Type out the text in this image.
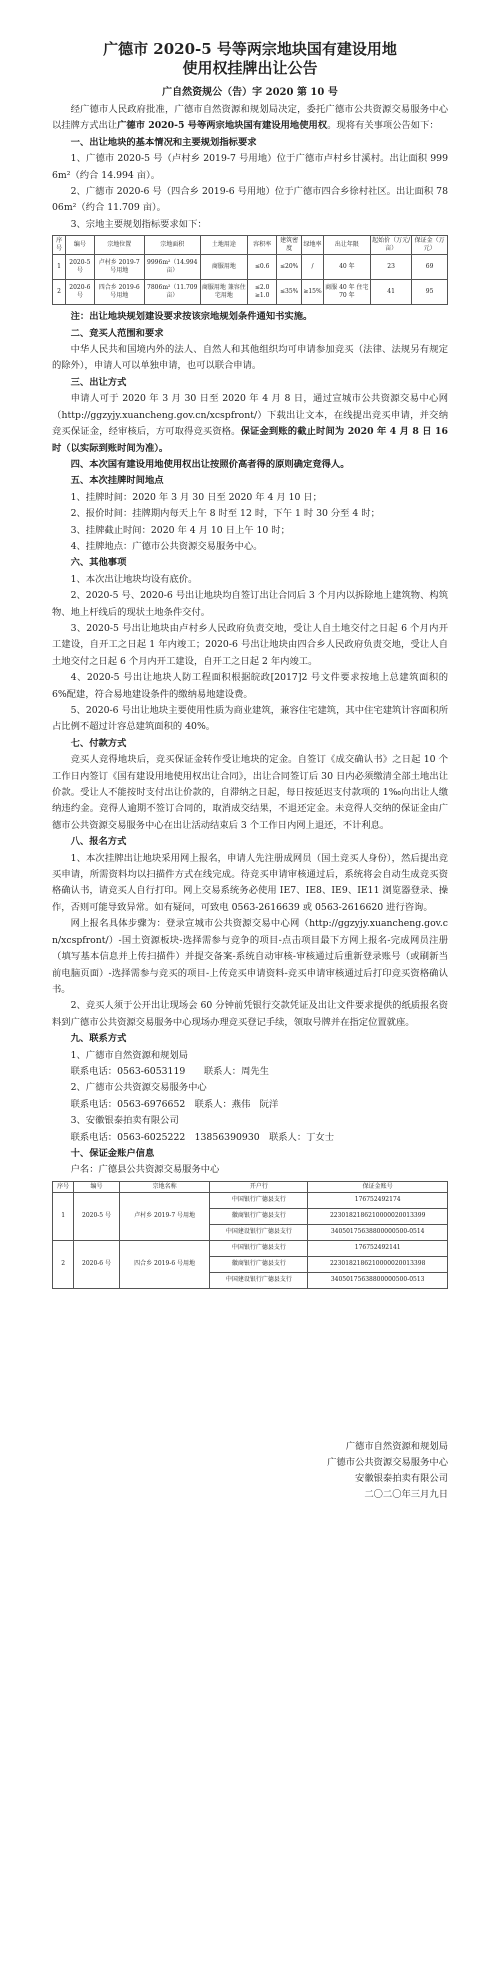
广德市 2020-5 号等两宗地块国有建设用地
使用权挂牌出让公告
广自然资规公（告）字 2020 第 10 号

经广德市人民政府批准，广德市自然资源和规划局决定，委托广德市公共资源交易服务中心以挂牌方式出让广德市 2020-5 号等两宗地块国有建设用地使用权。现将有关事项公告如下：

一、出让地块的基本情况和主要规划指标要求

1、广德市 2020-5 号（卢村乡 2019-7 号用地）位于广德市卢村乡甘溪村。出让面积 9996m²（约合 14.994 亩）。

2、广德市 2020-6 号（四合乡 2019-6 号用地）位于广德市四合乡徐村社区。出让面积 7806m²（约合 11.709 亩）。

3、宗地主要规划指标要求如下：

序号	编号	宗地位置	宗地面积	土地用途	容积率	建筑密度	绿地率	出让年限	起始价（万元/亩）	保证金（万元）
1	2020-5 号	卢村乡 2019-7 号用地	9996m²（14.994 亩）	商服用地	≤0.6	≤20%	/	40 年	23	69
2	2020-6 号	四合乡 2019-6 号用地	7806m²（11.709 亩）	商服用地 兼容住宅用地	≤2.0 ≥1.0	≤35%	≥15%	商服 40 年 住宅 70 年	41	95

注：出让地块规划建设要求按该宗地规划条件通知书实施。

二、竞买人范围和要求

中华人民共和国境内外的法人、自然人和其他组织均可申请参加竞买（法律、法规另有规定的除外），申请人可以单独申请，也可以联合申请。

三、出让方式

申请人可于 2020 年 3 月 30 日至 2020 年 4 月 8 日，通过宣城市公共资源交易中心网（http://ggzyjy.xuancheng.gov.cn/xcspfront/）下载出让文本，在线提出竞买申请，并交纳竞买保证金，经审核后，方可取得竞买资格。保证金到账的截止时间为 2020 年 4 月 8 日 16 时（以实际到账时间为准）。

四、本次国有建设用地使用权出让按照价高者得的原则确定竞得人。

五、本次挂牌时间地点

1、挂牌时间：2020 年 3 月 30 日至 2020 年 4 月 10 日；

2、报价时间：挂牌期内每天上午 8 时至 12 时，下午 1 时 30 分至 4 时；

3、挂牌截止时间：2020 年 4 月 10 日上午 10 时；

4、挂牌地点：广德市公共资源交易服务中心。

六、其他事项

1、本次出让地块均设有底价。

2、2020-5 号、2020-6 号出让地块均自签订出让合同后 3 个月内以拆除地上建筑物、构筑物、地上杆线后的现状土地条件交付。

3、2020-5 号出让地块由卢村乡人民政府负责交地，受让人自土地交付之日起 6 个月内开工建设，自开工之日起 1 年内竣工；2020-6 号出让地块由四合乡人民政府负责交地，受让人自土地交付之日起 6 个月内开工建设，自开工之日起 2 年内竣工。

4、2020-5 号出让地块人防工程面积根据皖政[2017]2 号文件要求按地上总建筑面积的 6%配建，符合易地建设条件的缴纳易地建设费。

5、2020-6 号出让地块主要使用性质为商业建筑，兼容住宅建筑，其中住宅建筑计容面积所占比例不超过计容总建筑面积的 40%。

七、付款方式

竞买人竞得地块后，竞买保证金转作受让地块的定金。自签订《成交确认书》之日起 10 个工作日内签订《国有建设用地使用权出让合同》，出让合同签订后 30 日内必须缴清全部土地出让价款。受让人不能按时支付出让价款的，自滞纳之日起，每日按延迟支付款项的 1‰向出让人缴纳违约金。竞得人逾期不签订合同的，取消成交结果，不退还定金。未竞得人交纳的保证金由广德市公共资源交易服务中心在出让活动结束后 3 个工作日内网上退还，不计利息。

八、报名方式

1、本次挂牌出让地块采用网上报名，申请人先注册成网员（国土竞买人身份），然后提出竞买申请，所需资料均以扫描件方式在线完成。待竞买申请审核通过后，系统将会自动生成竞买资格确认书，请竞买人自行打印。网上交易系统务必使用 IE7、IE8、IE9、IE11 浏览器登录、操作，否则可能导致异常。如有疑问，可致电 0563-2616639 或 0563-2616620 进行咨询。

网上报名具体步骤为：登录宣城市公共资源交易中心网（http://ggzyjy.xuancheng.gov.cn/xcspfront/）-国土资源板块-选择需参与竞争的项目-点击项目最下方网上报名-完成网员注册（填写基本信息并上传扫描件）并提交备案-系统自动审核-审核通过后重新登录账号（或刷新当前电脑页面）-选择需参与竞买的项目-上传竞买申请资料-竞买申请审核通过后打印竞买资格确认书。

2、竞买人须于公开出让现场会 60 分钟前凭银行交款凭证及出让文件要求提供的纸质报名资料到广德市公共资源交易服务中心现场办理竞买登记手续，领取号牌并在指定位置就座。

九、联系方式

1、广德市自然资源和规划局

联系电话：0563-6053119　　联系人：周先生

2、广德市公共资源交易服务中心

联系电话：0563-6976652　联系人：燕伟　阮洋

3、安徽银泰拍卖有限公司

联系电话：0563-6025222　13856390930　联系人：丁女士

十、保证金账户信息

户名：广德县公共资源交易服务中心

序号	编号	宗地名称	开户行	保证金账号
1	2020-5 号	卢村乡 2019-7 号用地	中国银行广德县支行	176752492174
			徽商银行广德县支行	2230182186210000020013399
			中国建设银行广德县支行	34050175638800000500-0514
2	2020-6 号	四合乡 2019-6 号用地	中国银行广德县支行	176752492141
			徽商银行广德县支行	2230182186210000020013398
			中国建设银行广德县支行	34050175638800000500-0513
广德市自然资源和规划局
广德市公共资源交易服务中心
安徽银泰拍卖有限公司
二〇二〇年三月九日
